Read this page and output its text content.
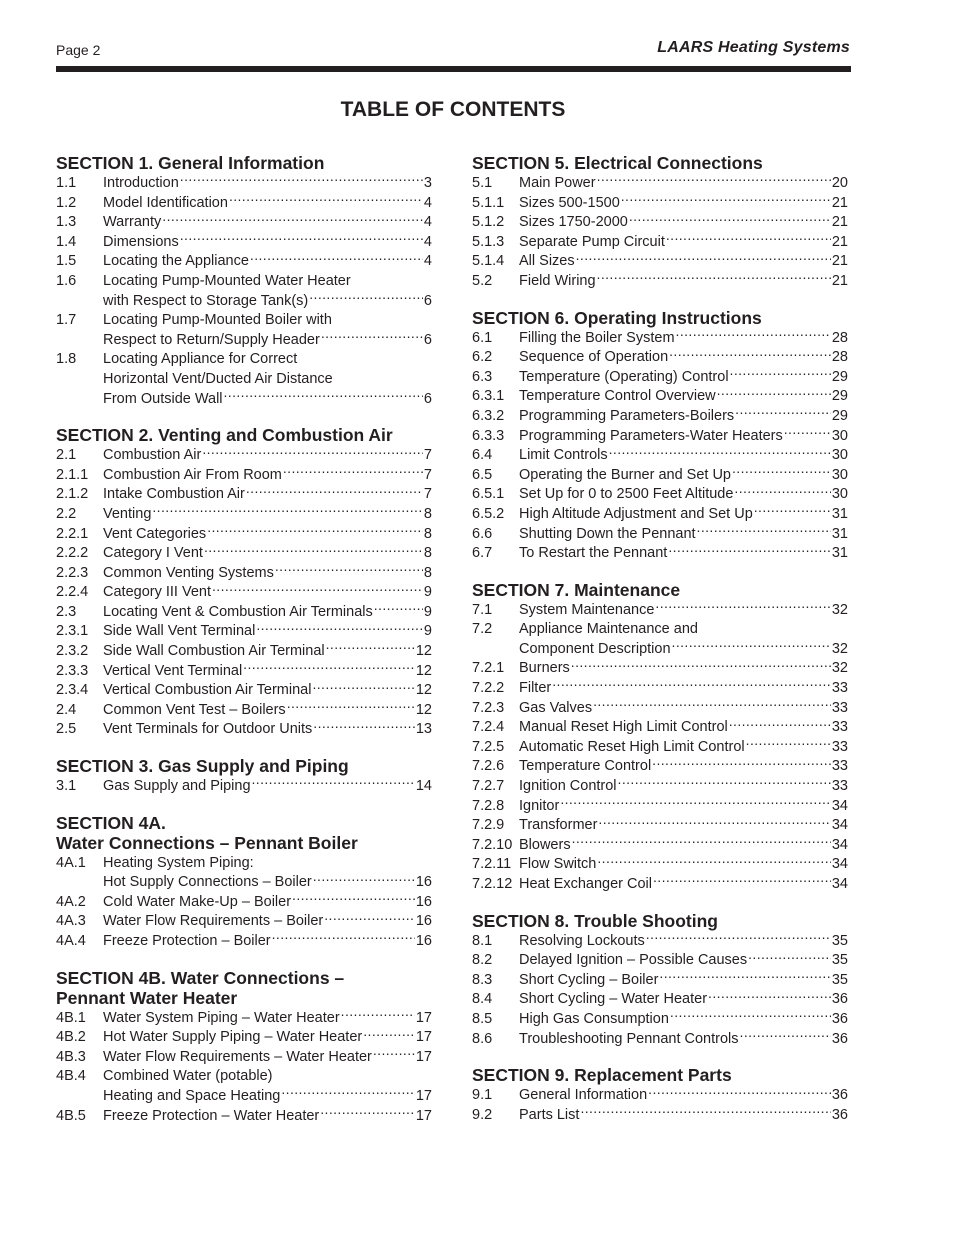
Page 2	LAARS Heating Systems
TABLE OF CONTENTS
SECTION 1. General Information
1.1	Introduction .....	3
1.2	Model Identification .....	4
1.3	Warranty .....	4
1.4	Dimensions .....	4
1.5	Locating the Appliance .....	4
1.6	Locating Pump-Mounted Water Heater
with Respect to Storage Tank(s) .....	6
1.7	Locating Pump-Mounted Boiler with
Respect to Return/Supply Header .....	6
1.8	Locating Appliance for Correct
Horizontal Vent/Ducted Air Distance
From Outside Wall .....	6
SECTION 2. Venting and Combustion Air
2.1	Combustion Air .....	7
2.1.1	Combustion Air From Room .....	7
2.1.2	Intake Combustion Air .....	7
2.2	Venting .....	8
2.2.1	Vent Categories .....	8
2.2.2	Category I Vent .....	8
2.2.3	Common Venting Systems .....	8
2.2.4	Category III Vent .....	9
2.3	Locating Vent & Combustion Air Terminals .....	9
2.3.1	Side Wall Vent Terminal .....	9
2.3.2	Side Wall Combustion Air Terminal .....	12
2.3.3	Vertical Vent Terminal .....	12
2.3.4	Vertical Combustion Air Terminal .....	12
2.4	Common Vent Test – Boilers .....	12
2.5	Vent Terminals for Outdoor Units .....	13
SECTION 3. Gas Supply and Piping
3.1	Gas Supply and Piping .....	14
SECTION 4A.
Water Connections – Pennant Boiler
4A.1	Heating System Piping:
Hot Supply Connections – Boiler .....	16
4A.2	Cold Water Make-Up – Boiler .....	16
4A.3	Water Flow Requirements – Boiler .....	16
4A.4	Freeze Protection – Boiler .....	16
SECTION 4B. Water Connections –
Pennant Water Heater
4B.1	Water System Piping – Water Heater .....	17
4B.2	Hot Water Supply Piping – Water Heater .....	17
4B.3	Water Flow Requirements – Water Heater .....	17
4B.4	Combined Water (potable)
Heating and Space Heating .....	17
4B.5	Freeze Protection – Water Heater .....	17
SECTION 5. Electrical Connections
5.1	Main Power .....	20
5.1.1	Sizes 500-1500 .....	21
5.1.2	Sizes 1750-2000 .....	21
5.1.3	Separate Pump Circuit .....	21
5.1.4	All Sizes .....	21
5.2	Field Wiring .....	21
SECTION 6. Operating Instructions
6.1	Filling the Boiler System .....	28
6.2	Sequence of Operation .....	28
6.3	Temperature (Operating) Control .....	29
6.3.1	Temperature Control Overview .....	29
6.3.2	Programming Parameters-Boilers .....	29
6.3.3	Programming Parameters-Water Heaters .....	30
6.4	Limit Controls .....	30
6.5	Operating the Burner and Set Up .....	30
6.5.1	Set Up for 0 to 2500 Feet Altitude .....	30
6.5.2	High Altitude Adjustment and Set Up .....	31
6.6	Shutting Down the Pennant .....	31
6.7	To Restart the Pennant .....	31
SECTION 7. Maintenance
7.1	System Maintenance .....	32
7.2	Appliance Maintenance and
Component Description .....	32
7.2.1	Burners .....	32
7.2.2	Filter .....	33
7.2.3	Gas Valves .....	33
7.2.4	Manual Reset High Limit Control .....	33
7.2.5	Automatic Reset High Limit Control .....	33
7.2.6	Temperature Control .....	33
7.2.7	Ignition Control .....	33
7.2.8	Ignitor .....	34
7.2.9	Transformer .....	34
7.2.10 Blowers .....	34
7.2.11 Flow Switch .....	34
7.2.12 Heat Exchanger Coil .....	34
SECTION 8. Trouble Shooting
8.1	Resolving Lockouts .....	35
8.2	Delayed Ignition – Possible Causes .....	35
8.3	Short Cycling – Boiler .....	35
8.4	Short Cycling – Water Heater .....	36
8.5	High Gas Consumption .....	36
8.6	Troubleshooting Pennant Controls .....	36
SECTION 9. Replacement Parts
9.1	General Information .....	36
9.2	Parts List .....	36
